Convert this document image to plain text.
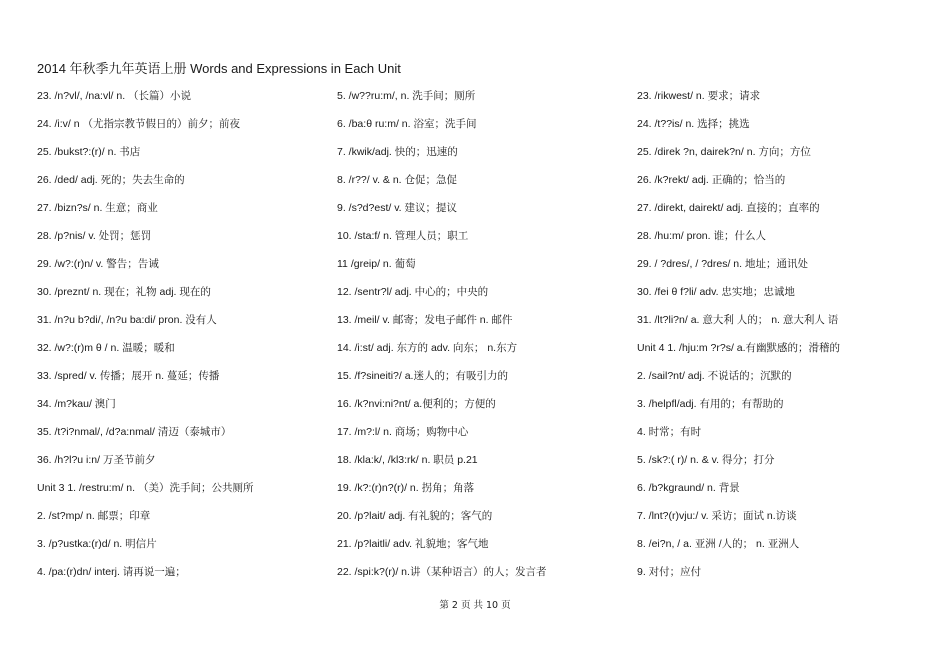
2014 年秋季九年英语上册 Words and Expressions in Each Unit
23. /n?vl/, /na:vl/ n. （长篇）小说
24. /i:v/ n （尤指宗教节假日的）前夕；前夜
25. /bukst?:(r)/ n. 书店
26. /ded/ adj. 死的；失去生命的
27. /bizn?s/ n. 生意；商业
28. /p?nis/ v. 处罚；惩罚
29. /w?:(r)n/ v. 警告；告诫
30. /preznt/ n. 现在；礼物 adj. 现在的
31. /n?u b?di/, /n?u ba:di/ pron. 没有人
32. /w?:(r)m θ / n. 温暖；暖和
33. /spred/ v. 传播；展开 n. 蔓延；传播
34. /m?kau/ 澳门
35. /t?i?nmal/, /d?a:nmal/ 清迈（泰城市）
36. /h?l?u i:n/ 万圣节前夕
Unit 3 1. /restru:m/ n. （美）洗手间；公共厕所
2. /st?mp/ n. 邮票；印章
3. /p?ustka:(r)d/ n. 明信片
4. /pa:(r)dn/ interj. 请再说一遍；
5. /w??ru:m/, n. 洗手间；厕所
6. /ba:θ ru:m/ n. 浴室；洗手间
7. /kwik/adj. 快的；迅速的
8. /r??/ v. & n. 仓促；急促
9. /s?d?est/ v. 建议；提议
10. /sta:f/ n. 管理人员；职工
11 /greip/ n. 葡萄
12. /sentr?l/ adj. 中心的；中央的
13. /meil/ v. 邮寄；发电子邮件 n. 邮件
14. /i:st/ adj. 东方的 adv. 向东； n.东方
15. /f?sineiti?/ a.迷人的；有吸引力的
16. /k?nvi:ni?nt/ a.便利的；方便的
17. /m?:l/ n. 商场；购物中心
18. /kla:k/, /kl3:rk/ n. 职员 p.21
19. /k?:(r)n?(r)/ n. 拐角；角落
20. /p?lait/ adj. 有礼貌的；客气的
21. /p?laitli/ adv. 礼貌地；客气地
22. /spi:k?(r)/ n.讲（某种语言）的人；发言者
23. /rikwest/ n. 要求；请求
24. /t??is/ n. 选择；挑选
25. /direk ?n, dairek?n/ n. 方向；方位
26. /k?rekt/ adj. 正确的；恰当的
27. /direkt, dairekt/ adj. 直接的；直率的
28. /hu:m/ pron. 谁；什么人
29. / ?dres/, / ?dres/ n. 地址；通讯处
30. /fei θ f?li/ adv. 忠实地；忠诚地
31. /lt?li?n/ a. 意大利 人的； n. 意大利人 语
Unit 4 1. /hju:m ?r?s/ a.有幽默感的；滑稽的
2. /sail?nt/ adj. 不说话的；沉默的
3. /helpfl/adj. 有用的；有帮助的
4. 时常；有时
5. /sk?:( r)/ n. & v. 得分；打分
6. /b?kgraund/ n. 背景
7. /lnt?(r)vju:/ v. 采访；面试 n.访谈
8. /ei?n, / a. 亚洲 /人的； n. 亚洲人
9. 对付；应付
第 2 页 共 10 页
